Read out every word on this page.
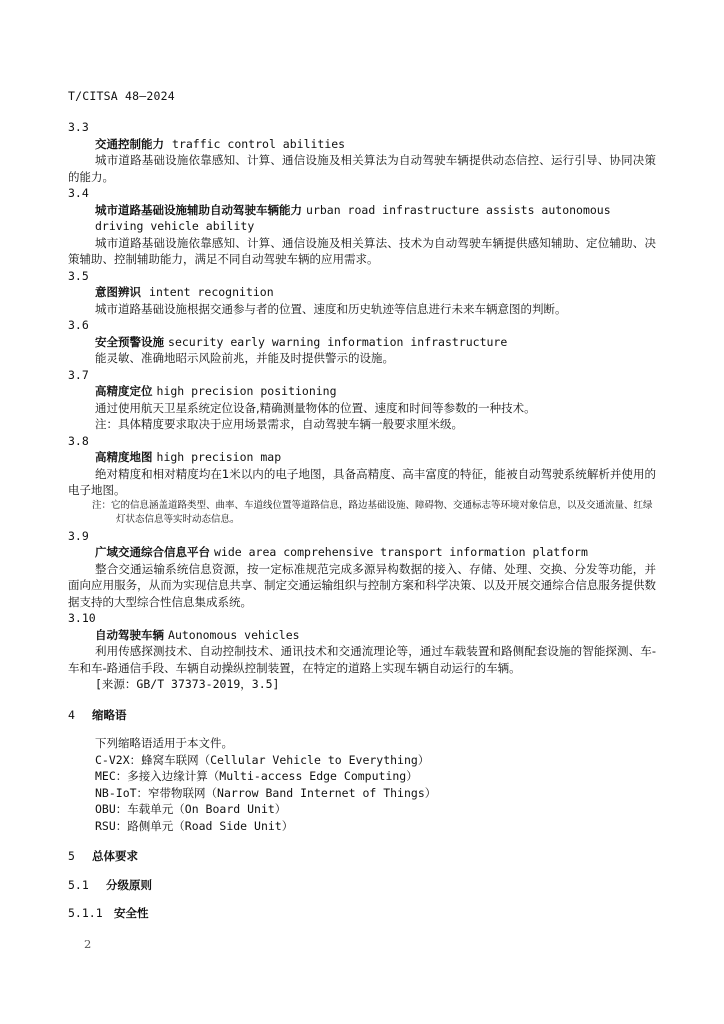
T/CITSA 48—2024
3.3
交通控制能力 traffic control abilities
城市道路基础设施依靠感知、计算、通信设施及相关算法为自动驾驶车辆提供动态信控、运行引导、协同决策的能力。
3.4
城市道路基础设施辅助自动驾驶车辆能力 urban road infrastructure assists autonomous driving vehicle ability
城市道路基础设施依靠感知、计算、通信设施及相关算法、技术为自动驾驶车辆提供感知辅助、定位辅助、决策辅助、控制辅助能力，满足不同自动驾驶车辆的应用需求。
3.5
意图辨识 intent recognition
城市道路基础设施根据交通参与者的位置、速度和历史轨迹等信息进行未来车辆意图的判断。
3.6
安全预警设施 security early warning information infrastructure
能灵敏、准确地昭示风险前兆，并能及时提供警示的设施。
3.7
高精度定位 high precision positioning
通过使用航天卫星系统定位设备,精确测量物体的位置、速度和时间等参数的一种技术。
注：具体精度要求取决于应用场景需求，自动驾驶车辆一般要求厘米级。
3.8
高精度地图 high precision map
绝对精度和相对精度均在1米以内的电子地图，具备高精度、高丰富度的特征，能被自动驾驶系统解析并使用的电子地图。
注：它的信息涵盖道路类型、曲率、车道线位置等道路信息，路边基础设施、障碍物、交通标志等环境对象信息，以及交通流量、红绿灯状态信息等实时动态信息。
3.9
广域交通综合信息平台 wide area comprehensive transport information platform
整合交通运输系统信息资源，按一定标准规范完成多源异构数据的接入、存储、处理、交换、分发等功能，并面向应用服务，从而为实现信息共享、制定交通运输组织与控制方案和科学决策、以及开展交通综合信息服务提供数据支持的大型综合性信息集成系统。
3.10
自动驾驶车辆 Autonomous vehicles
利用传感探测技术、自动控制技术、通讯技术和交通流理论等，通过车载装置和路侧配套设施的智能探测、车-车和车-路通信手段、车辆自动操纵控制装置，在特定的道路上实现车辆自动运行的车辆。
[来源：GB/T 37373-2019，3.5]
4 缩略语
下列缩略语适用于本文件。
C-V2X：蜂窝车联网（Cellular Vehicle to Everything）
MEC：多接入边缘计算（Multi-access Edge Computing）
NB-IoT：窄带物联网（Narrow Band Internet of Things）
OBU：车载单元（On Board Unit）
RSU：路侧单元（Road Side Unit）
5 总体要求
5.1 分级原则
5.1.1 安全性
2
